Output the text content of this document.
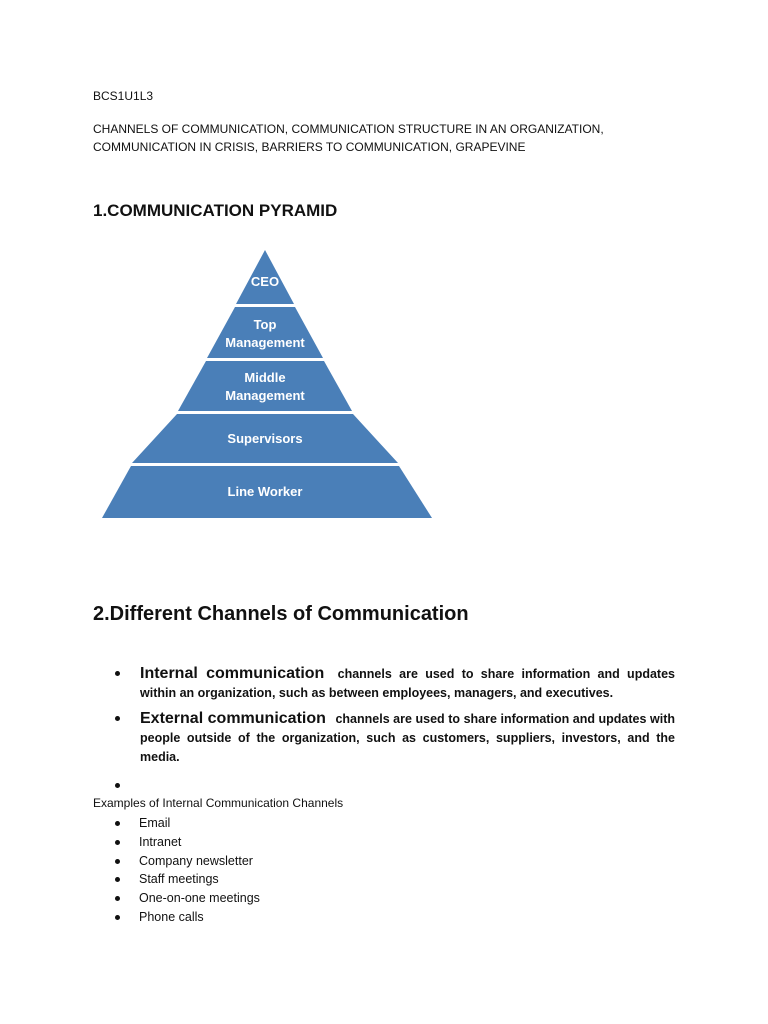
BCS1U1L3
CHANNELS OF COMMUNICATION, COMMUNICATION STRUCTURE IN AN ORGANIZATION, COMMUNICATION IN CRISIS, BARRIERS TO COMMUNICATION, GRAPEVINE
1.COMMUNICATION PYRAMID
CEO
Top
Management
Middle
Management
Supervisors
Line Worker
2.Different Channels of Communication
Internal communication channels are used to share information and updates within an organization, such as between employees, managers, and executives.
External communication channels are used to share information and updates with people outside of the organization, such as customers, suppliers, investors, and the media.
Examples of Internal Communication Channels
Email
Intranet
Company newsletter
Staff meetings
One-on-one meetings
Phone calls
